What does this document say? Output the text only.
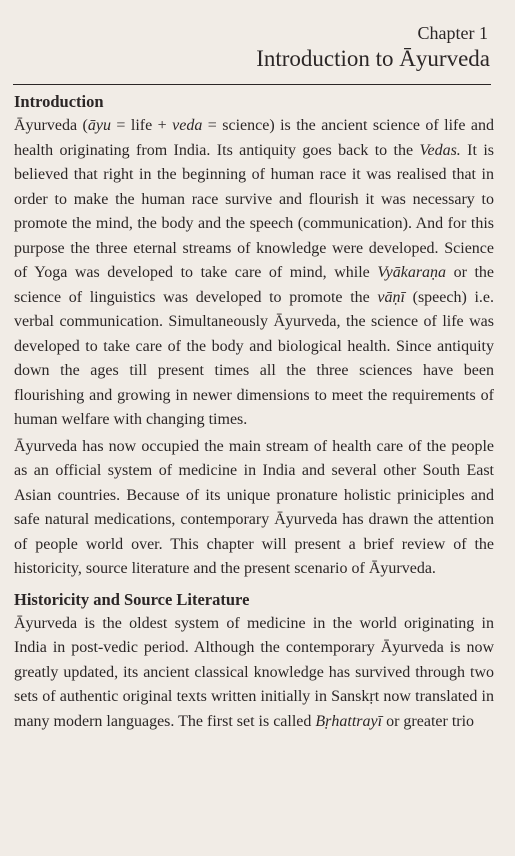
Chapter 1
Introduction to Āyurveda
Introduction

Āyurveda (āyu = life + veda = science) is the ancient science of life and health originating from India. Its antiquity goes back to the Vedas. It is believed that right in the beginning of human race it was realised that in order to make the human race survive and flourish it was necessary to promote the mind, the body and the speech (communication). And for this purpose the three eternal streams of knowledge were developed. Science of Yoga was developed to take care of mind, while Vyākaraṇa or the science of linguistics was developed to promote the vāṇī (speech) i.e. verbal communication. Simultaneously Āyurveda, the science of life was developed to take care of the body and biological health. Since antiquity down the ages till present times all the three sciences have been flourishing and growing in newer dimensions to meet the requirements of human welfare with changing times.

Āyurveda has now occupied the main stream of health care of the people as an official system of medicine in India and several other South East Asian countries. Because of its unique pronature holistic priniciples and safe natural medications, contemporary Āyurveda has drawn the attention of people world over. This chapter will present a brief review of the historicity, source literature and the present scenario of Āyurveda.

Historicity and Source Literature

Āyurveda is the oldest system of medicine in the world originating in India in post-vedic period. Although the contemporary Āyurveda is now greatly updated, its ancient classical knowledge has survived through two sets of authentic original texts written initially in Sanskṛt now translated in many modern languages. The first set is called Bṛhattrayī or greater trio
